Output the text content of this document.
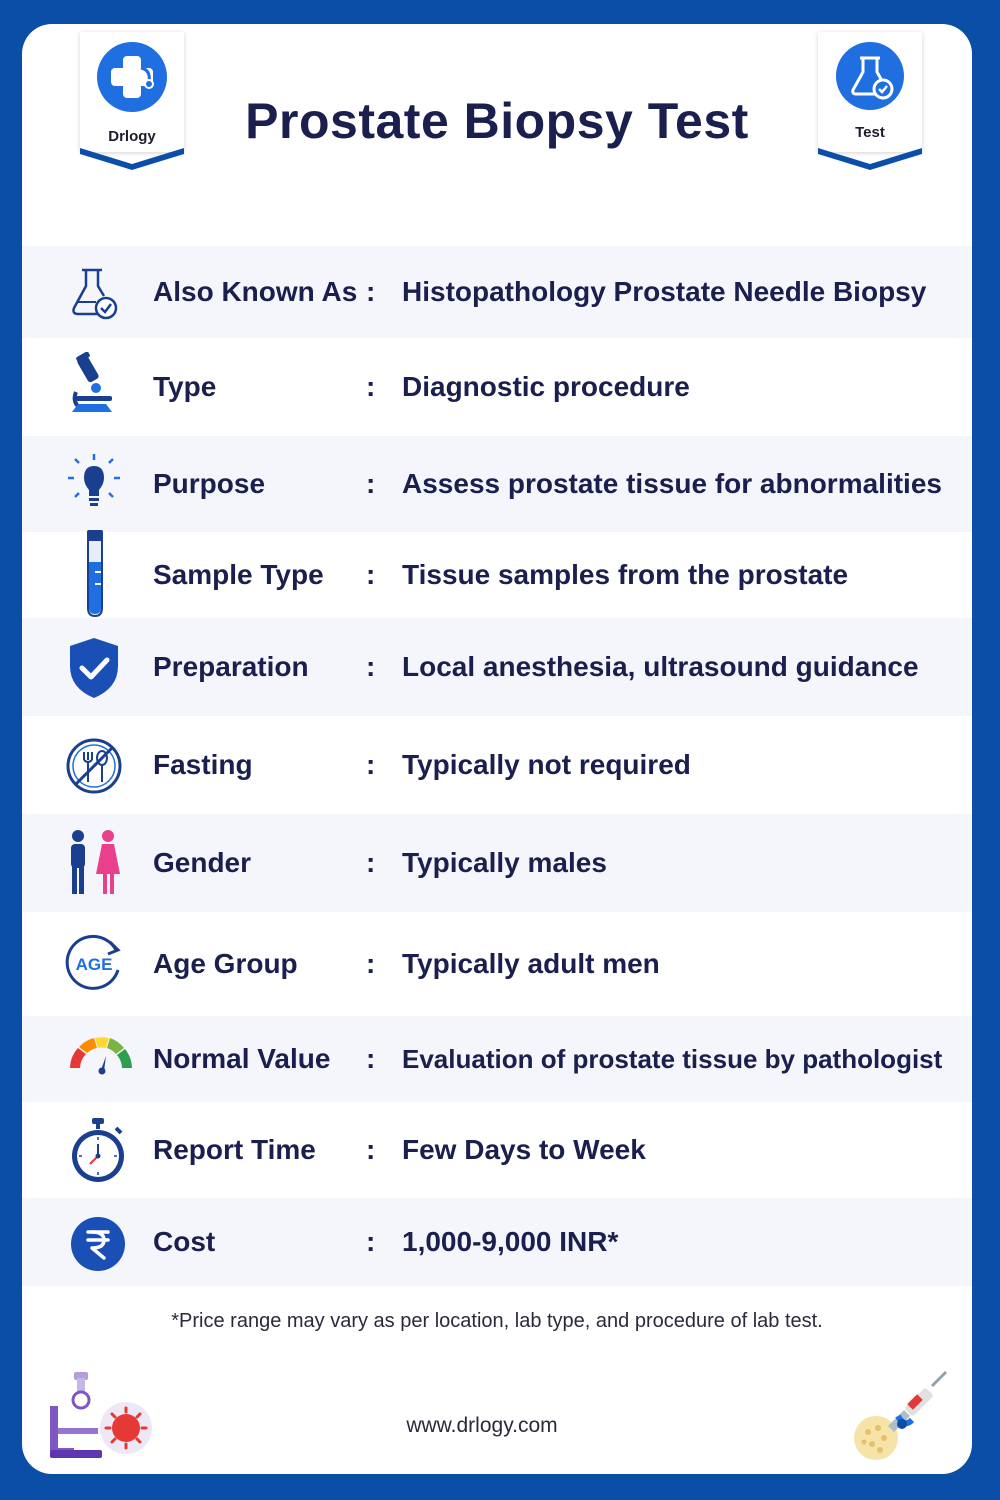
Drlogy	Prostate Biopsy Test	Test
Also Known As : Histopathology Prostate Needle Biopsy
Type	: Diagnostic procedure
Purpose	: Assess prostate tissue for abnormalities
Sample Type : Tissue samples from the prostate
Preparation : Local anesthesia, ultrasound guidance
Fasting	: Typically not required
Gender	: Typically males
AGE Age Group : Typically adult men
Normal Value : Evaluation of prostate tissue by pathologist
Report Time : Few Days to Week
Cost	: 1,000-9,000 INR*
*Price range may vary as per location, lab type, and procedure of lab test.
www.drlogy.com
